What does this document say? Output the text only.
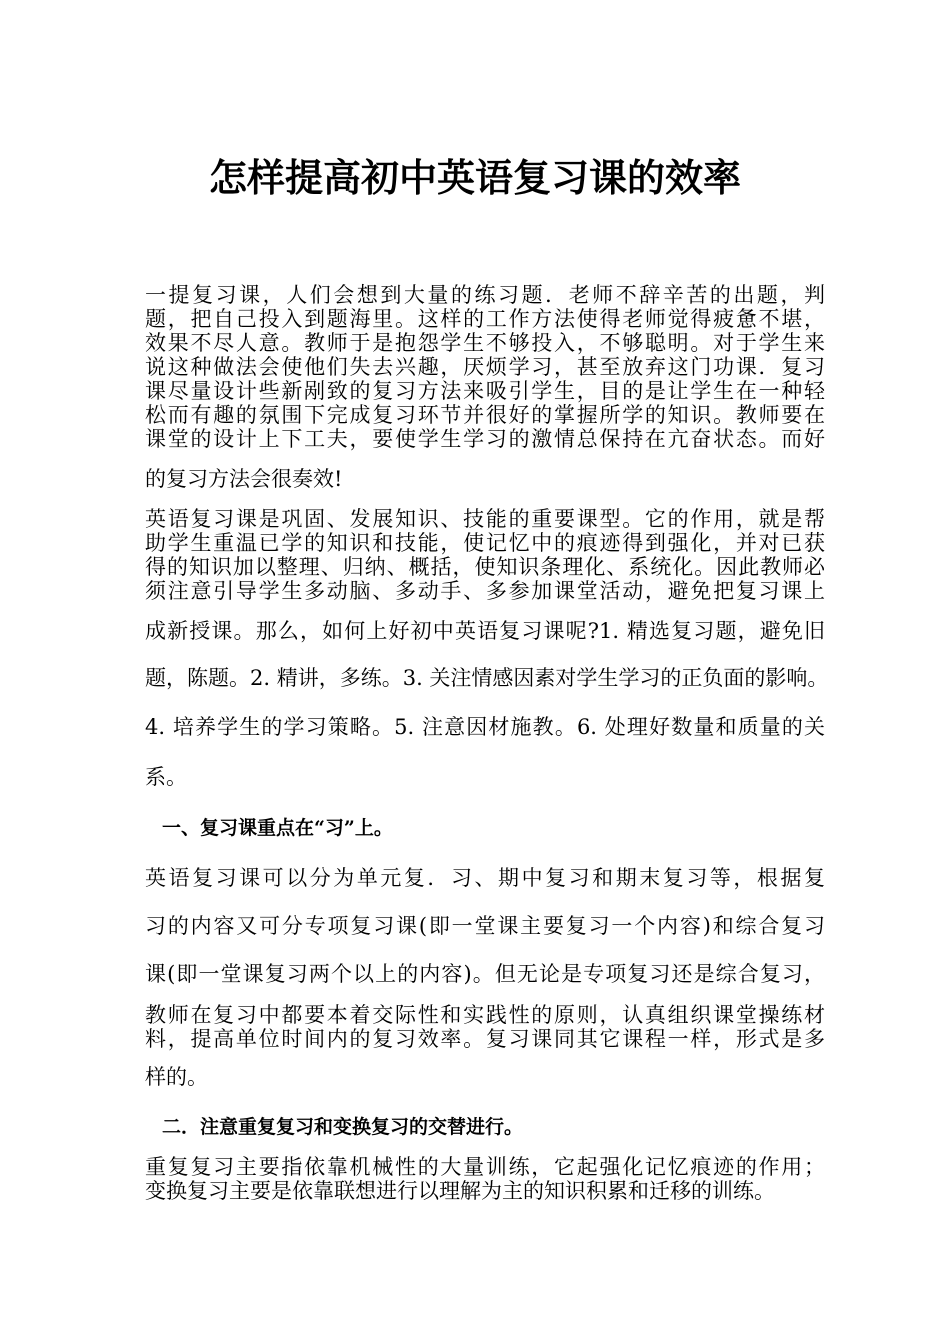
怎样提高初中英语复习课的效率
一提复习课，人们会想到大量的练习题．老师不辞辛苦的出题，判
题，把自己投入到题海里。这样的工作方法使得老师觉得疲惫不堪，
效果不尽人意。教师于是抱怨学生不够投入，不够聪明。对于学生来
说这种做法会使他们失去兴趣，厌烦学习，甚至放弃这门功课．复习
课尽量设计些新剐致的复习方法来吸引学生，目的是让学生在一种轻
松而有趣的氛围下完成复习环节并很好的掌握所学的知识。教师要在
课堂的设计上下工夫，要使学生学习的激情总保持在亢奋状态。而好
的复习方法会很奏效!
英语复习课是巩固、发展知识、技能的重要课型。它的作用，就是帮
助学生重温已学的知识和技能，使记忆中的痕迹得到强化，并对已获
得的知识加以整理、归纳、概括，使知识条理化、系统化。因此教师必
须注意引导学生多动脑、多动手、多参加课堂活动，避免把复习课上
成新授课。那么，如何上好初中英语复习课呢?1. 精选复习题，避免旧
题，陈题。2. 精讲，多练。3. 关注情感因素对学生学习的正负面的影响。
4. 培养学生的学习策略。5. 注意因材施教。6. 处理好数量和质量的关
系。
一、复习课重点在“习”上。
英语复习课可以分为单元复．习、期中复习和期末复习等，根据复
习的内容又可分专项复习课(即一堂课主要复习一个内容)和综合复习
课(即一堂课复习两个以上的内容)。但无论是专项复习还是综合复习，
教师在复习中都要本着交际性和实践性的原则，认真组织课堂操练材
料，提高单位时间内的复习效率。复习课同其它课程一样，形式是多
样的。
二．注意重复复习和变换复习的交替进行。
重复复习主要指依靠机械性的大量训练，它起强化记忆痕迹的作用；
变换复习主要是依靠联想进行以理解为主的知识积累和迁移的训练。
